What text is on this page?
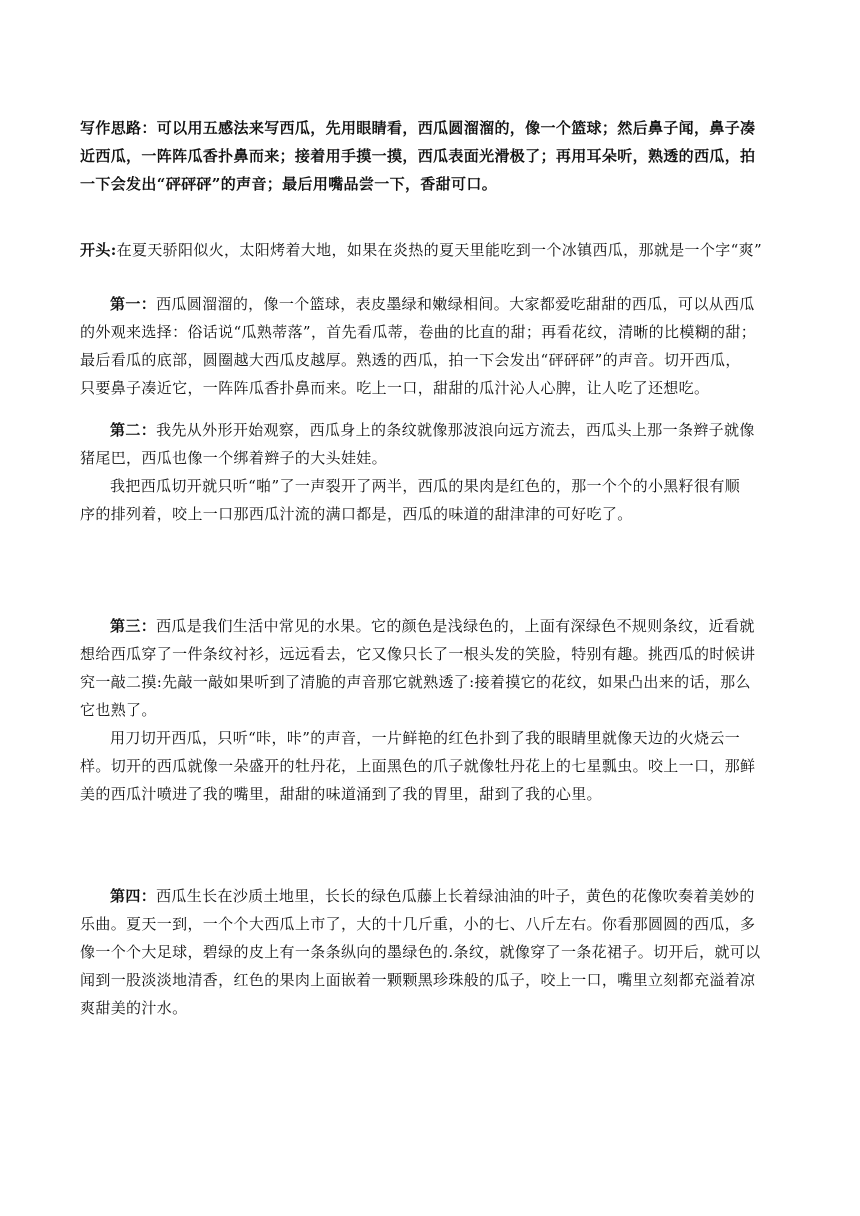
写作思路：可以用五感法来写西瓜，先用眼睛看，西瓜圆溜溜的，像一个篮球；然后鼻子闻，鼻子凑
近西瓜，一阵阵瓜香扑鼻而来；接着用手摸一摸，西瓜表面光滑极了；再用耳朵听，熟透的西瓜，拍
一下会发出“砰砰砰”的声音；最后用嘴品尝一下，香甜可口。
开头:在夏天骄阳似火，太阳烤着大地，如果在炎热的夏天里能吃到一个冰镇西瓜，那就是一个字“爽”
第一：西瓜圆溜溜的，像一个篮球，表皮墨绿和嫩绿相间。大家都爱吃甜甜的西瓜，可以从西瓜
的外观来选择：俗话说“瓜熟蒂落”，首先看瓜蒂，卷曲的比直的甜；再看花纹，清晰的比模糊的甜；
最后看瓜的底部，圆圈越大西瓜皮越厚。熟透的西瓜，拍一下会发出“砰砰砰”的声音。切开西瓜，
只要鼻子凑近它，一阵阵瓜香扑鼻而来。吃上一口，甜甜的瓜汁沁人心脾，让人吃了还想吃。
第二：我先从外形开始观察，西瓜身上的条纹就像那波浪向远方流去，西瓜头上那一条辫子就像
猪尾巴，西瓜也像一个绑着辫子的大头娃娃。
我把西瓜切开就只听“啪”了一声裂开了两半，西瓜的果肉是红色的，那一个个的小黑籽很有顺
序的排列着，咬上一口那西瓜汁流的满口都是，西瓜的味道的甜津津的可好吃了。
第三：西瓜是我们生活中常见的水果。它的颜色是浅绿色的，上面有深绿色不规则条纹，近看就
想给西瓜穿了一件条纹衬衫，远远看去，它又像只长了一根头发的笑脸，特别有趣。挑西瓜的时候讲
究一敲二摸:先敲一敲如果听到了清脆的声音那它就熟透了:接着摸它的花纹，如果凸出来的话，那么
它也熟了。
用刀切开西瓜，只听“咔，咔”的声音，一片鲜艳的红色扑到了我的眼睛里就像天边的火烧云一
样。切开的西瓜就像一朵盛开的牡丹花，上面黑色的爪子就像牡丹花上的七星瓢虫。咬上一口，那鲜
美的西瓜汁喷进了我的嘴里，甜甜的味道涌到了我的胃里，甜到了我的心里。
第四：西瓜生长在沙质土地里，长长的绿色瓜藤上长着绿油油的叶子，黄色的花像吹奏着美妙的
乐曲。夏天一到，一个个大西瓜上市了，大的十几斤重，小的七、八斤左右。你看那圆圆的西瓜，多
像一个个大足球，碧绿的皮上有一条条纵向的墨绿色的.条纹，就像穿了一条花裙子。切开后，就可以
闻到一股淡淡地清香，红色的果肉上面嵌着一颗颗黑珍珠般的瓜子，咬上一口，嘴里立刻都充溢着凉
爽甜美的汁水。
